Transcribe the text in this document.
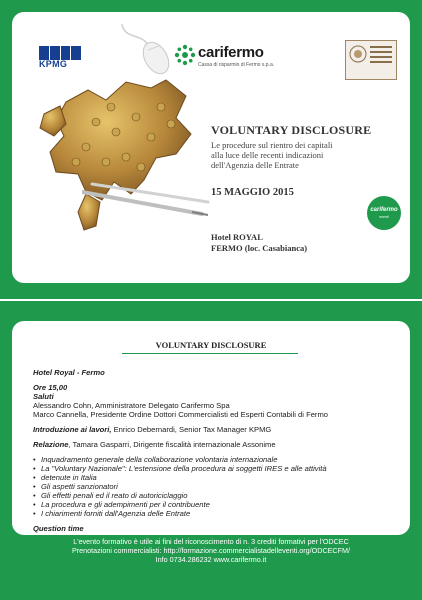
KPMG
carifermo
Cassa di risparmio di Fermo s.p.a.
VOLUNTARY DISCLOSURE
Le procedure sul rientro dei capitali
alla luce delle recenti indicazioni
dell'Agenzia delle Entrate
15 MAGGIO 2015
Hotel ROYAL
FERMO (loc. Casabianca)
carifermo
eventi
VOLUNTARY DISCLOSURE
Hotel Royal - Fermo
Ore 15,00
Saluti
Alessandro Cohn, Amministratore Delegato Carifermo Spa
Marco Cannella, Presidente Ordine Dottori Commercialisti ed Esperti Contabili di Fermo
Introduzione ai lavori, Enrico Debernardi, Senior Tax Manager KPMG
Relazione, Tamara Gasparri, Dirigente fiscalità internazionale Assonime
• Inquadramento generale della collaborazione volontaria internazionale
• La "Voluntary Nazionale": L'estensione della procedura ai soggetti IRES e alle attività
• detenute in Italia
• Gli aspetti sanzionatori
• Gli effetti penali ed il reato di autoriciclaggio
• La procedura e gli adempimenti per il contribuente
• I chiarimenti forniti dall'Agenzia delle Entrate
Question time
L'evento formativo è utile ai fini del riconoscimento di n. 3 crediti formativi per l'ODCEC
Prenotazioni commercialisti: http://formazione.commercialistadelleventi.org/ODCECFM/
Info 0734.286232 www.carifermo.it
